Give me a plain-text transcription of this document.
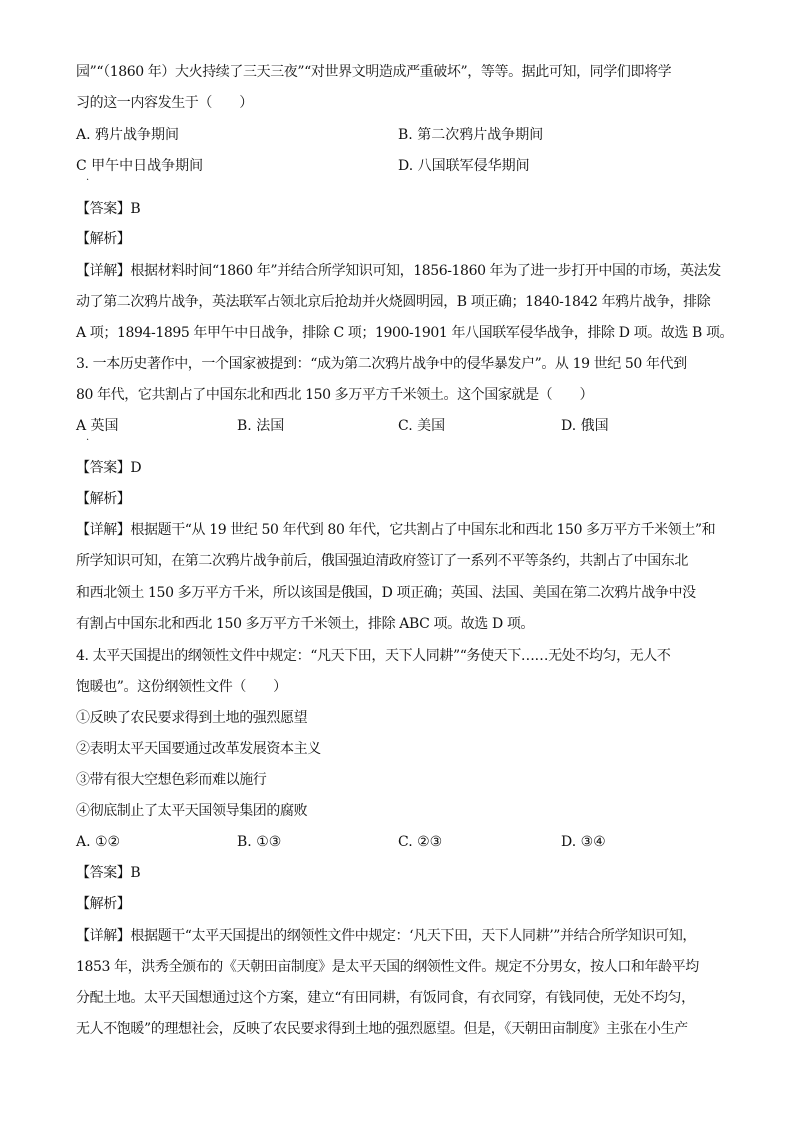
园”“（1860 年）大火持续了三天三夜”“对世界文明造成严重破坏”，等等。据此可知，同学们即将学
习的这一内容发生于（　　）
A. 鸦片战争期间	B. 第二次鸦片战争期间
C 甲午中日战争期间	D. 八国联军侵华期间
·
【答案】B
【解析】
【详解】根据材料时间“1860 年”并结合所学知识可知，1856-1860 年为了进一步打开中国的市场，英法发
动了第二次鸦片战争，英法联军占领北京后抢劫并火烧圆明园，B 项正确；1840-1842 年鸦片战争，排除
A 项；1894-1895 年甲午中日战争，排除 C 项；1900-1901 年八国联军侵华战争，排除 D 项。故选 B 项。
3. 一本历史著作中，一个国家被提到：“成为第二次鸦片战争中的侵华暴发户”。从 19 世纪 50 年代到
80 年代，它共割占了中国东北和西北 150 多万平方千米领土。这个国家就是（　　）
A 英国	B. 法国	C. 美国	D. 俄国
·
【答案】D
【解析】
【详解】根据题干“从 19 世纪 50 年代到 80 年代，它共割占了中国东北和西北 150 多万平方千米领土”和
所学知识可知，在第二次鸦片战争前后，俄国强迫清政府签订了一系列不平等条约，共割占了中国东北
和西北领土 150 多万平方千米，所以该国是俄国，D 项正确；英国、法国、美国在第二次鸦片战争中没
有割占中国东北和西北 150 多万平方千米领土，排除 ABC 项。故选 D 项。
4. 太平天国提出的纲领性文件中规定：“凡天下田，天下人同耕”“务使天下……无处不均匀，无人不
饱暖也”。这份纲领性文件（　　）
①反映了农民要求得到土地的强烈愿望
②表明太平天国要通过改革发展资本主义
③带有很大空想色彩而难以施行
④彻底制止了太平天国领导集团的腐败
A. ①②	B. ①③	C. ②③	D. ③④
【答案】B
【解析】
【详解】根据题干“太平天国提出的纲领性文件中规定：‘凡天下田，天下人同耕’”并结合所学知识可知，
1853 年，洪秀全颁布的《天朝田亩制度》是太平天国的纲领性文件。规定不分男女，按人口和年龄平均
分配土地。太平天国想通过这个方案，建立“有田同耕，有饭同食，有衣同穿，有钱同使，无处不均匀，
无人不饱暖”的理想社会，反映了农民要求得到土地的强烈愿望。但是，《天朝田亩制度》主张在小生产
